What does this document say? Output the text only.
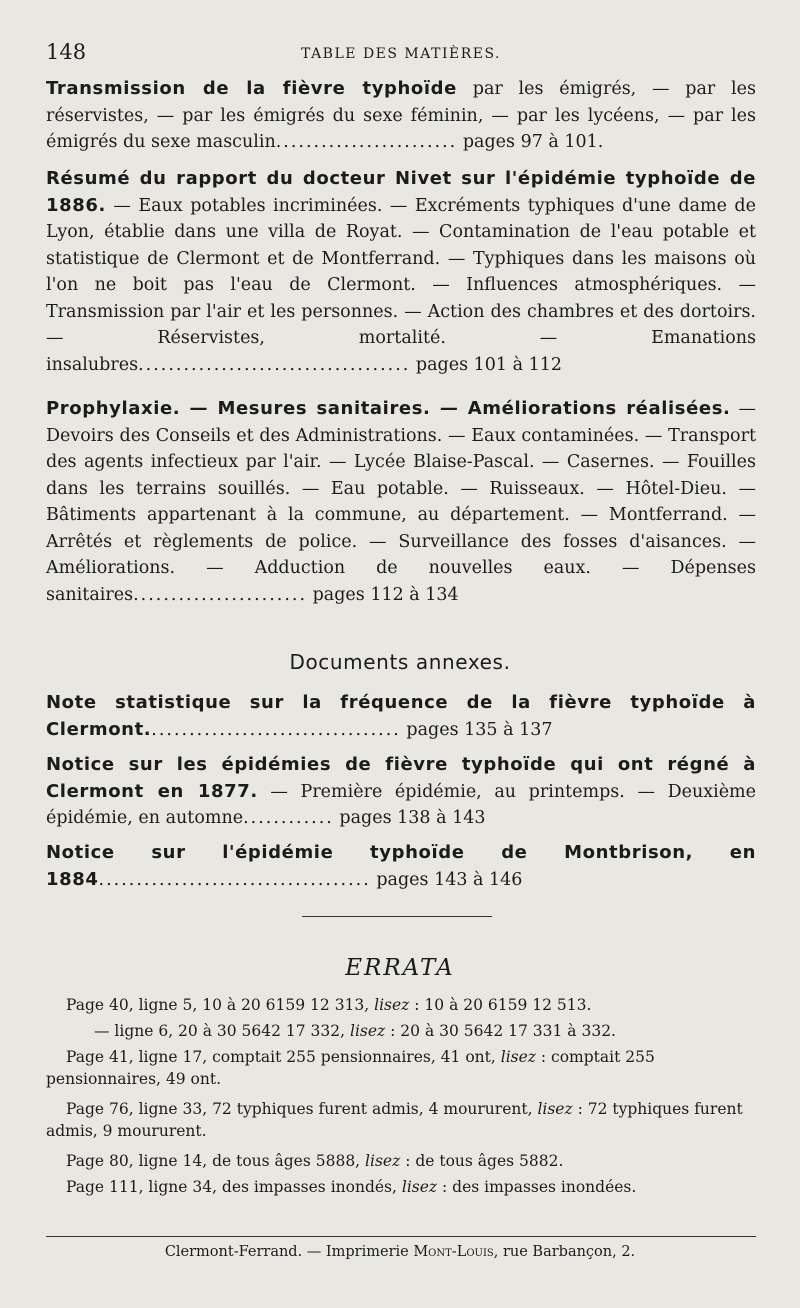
148	TABLE DES MATIÈRES.
Transmission de la fièvre typhoïde par les émigrés, — par les réservistes, — par les émigrés du sexe féminin, — par les lycéens, — par les émigrés du sexe masculin........................ pages 97 à 101.
Résumé du rapport du docteur Nivet sur l'épidémie typhoïde de 1886. — Eaux potables incriminées. — Excréments typhiques d'une dame de Lyon, établie dans une villa de Royat. — Contamination de l'eau potable et statistique de Clermont et de Montferrand. — Typhiques dans les maisons où l'on ne boit pas l'eau de Clermont. — Influences atmosphériques. — Transmission par l'air et les personnes. — Action des chambres et des dortoirs. — Réservistes, mortalité. — Emanations insalubres.................................... pages 101 à 112
Prophylaxie. — Mesures sanitaires. — Améliorations réalisées. — Devoirs des Conseils et des Administrations. — Eaux contaminées. — Transport des agents infectieux par l'air. — Lycée Blaise-Pascal. — Casernes. — Fouilles dans les terrains souillés. — Eau potable. — Ruisseaux. — Hôtel-Dieu. — Bâtiments appartenant à la commune, au département. — Montferrand. — Arrêtés et règlements de police. — Surveillance des fosses d'aisances. — Améliorations. — Adduction de nouvelles eaux. — Dépenses sanitaires....................... pages 112 à 134
Documents annexes.
Note statistique sur la fréquence de la fièvre typhoïde à Clermont.................................. pages 135 à 137
Notice sur les épidémies de fièvre typhoïde qui ont régné à Clermont en 1877. — Première épidémie, au printemps. — Deuxième épidémie, en automne............ pages 138 à 143
Notice sur l'épidémie typhoïde de Montbrison, en 1884.................................... pages 143 à 146
ERRATA
Page 40, ligne 5, 10 à 20 6159 12 313, lisez : 10 à 20 6159 12 513.
— ligne 6, 20 à 30 5642 17 332, lisez : 20 à 30 5642 17 331 à 332.
Page 41, ligne 17, comptait 255 pensionnaires, 41 ont, lisez : comptait 255 pensionnaires, 49 ont.
Page 76, ligne 33, 72 typhiques furent admis, 4 moururent, lisez : 72 typhiques furent admis, 9 moururent.
Page 80, ligne 14, de tous âges 5888, lisez : de tous âges 5882.
Page 111, ligne 34, des impasses inondés, lisez : des impasses inondées.
Clermont-Ferrand. — Imprimerie Mont-Louis, rue Barbançon, 2.
